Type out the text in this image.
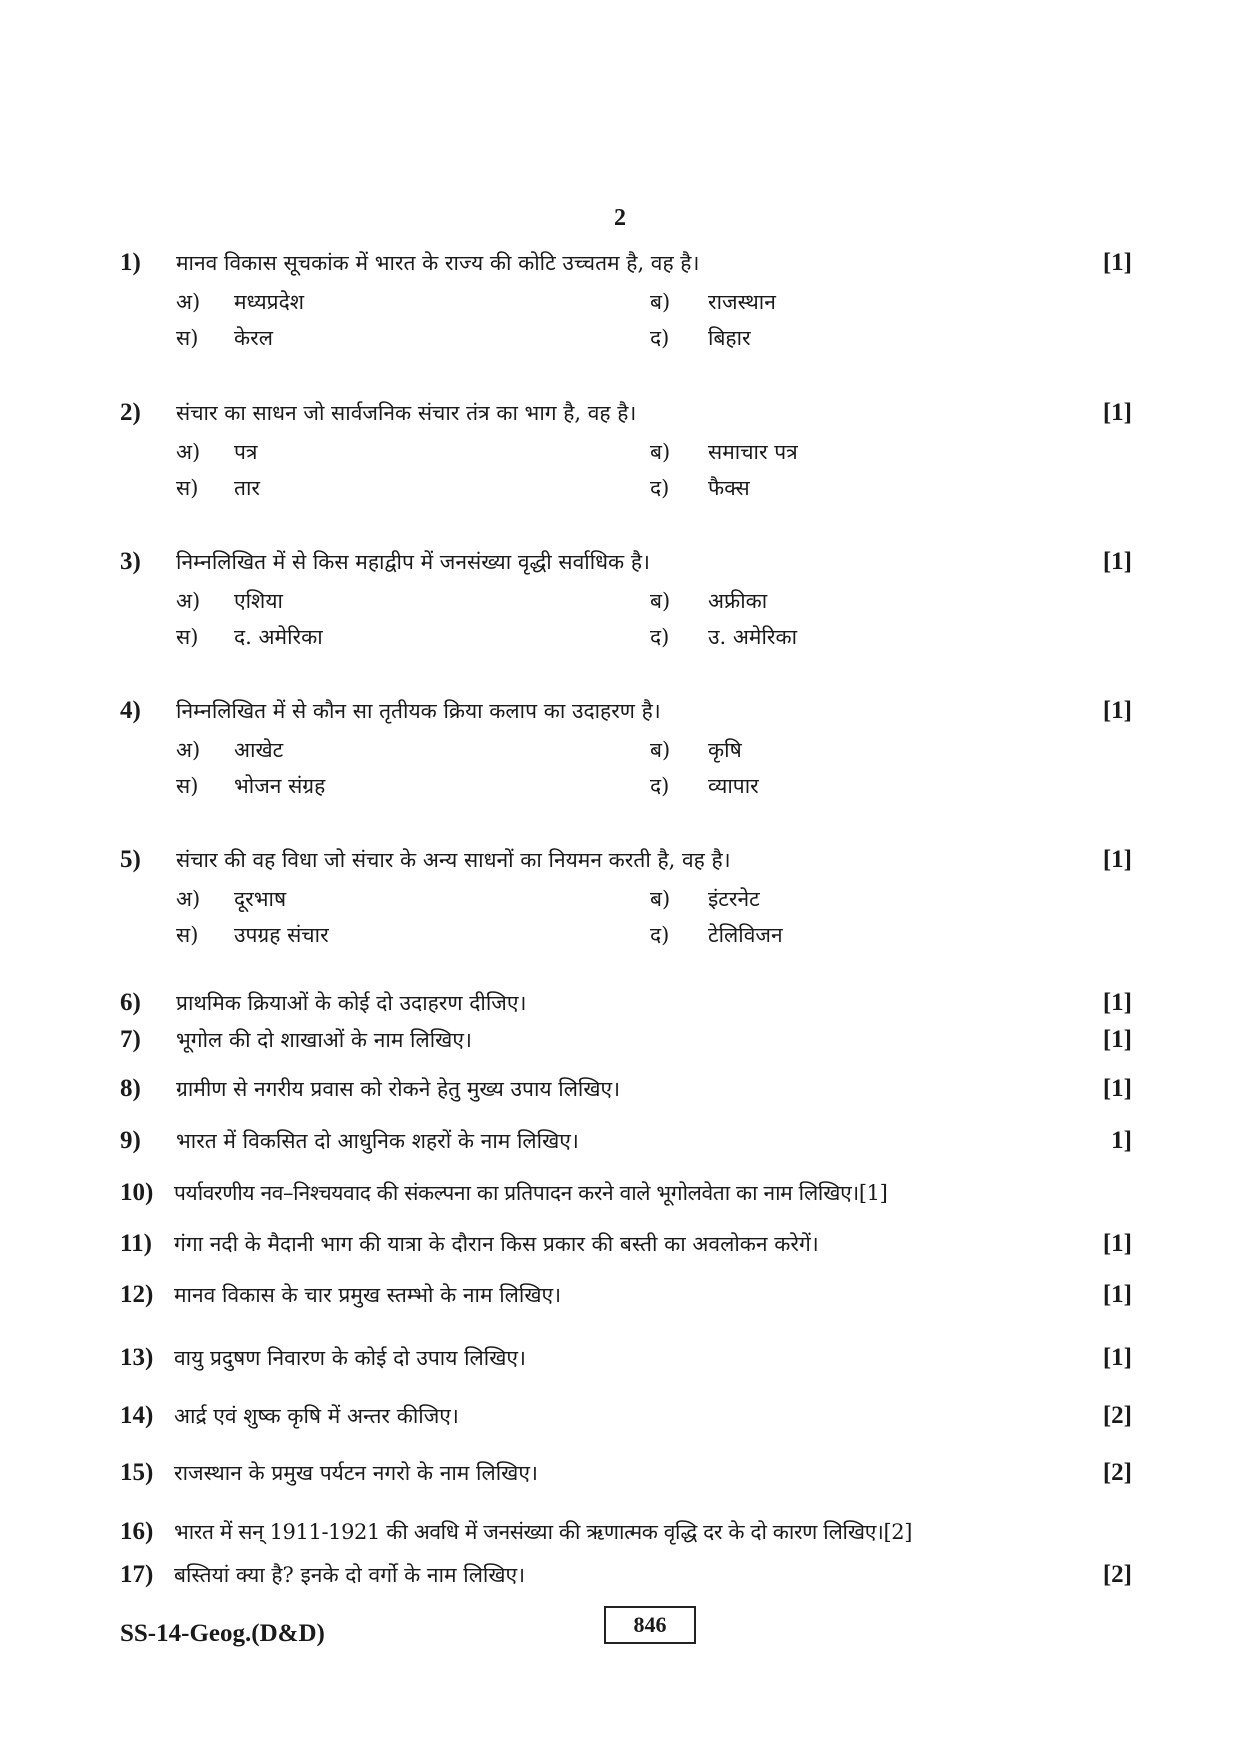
2
1) मानव विकास सूचकांक में भारत के राज्य की कोटि उच्चतम है, वह है।	[1]
अ) मध्यप्रदेश	ब) राजस्थान
स) केरल	द) बिहार
2) संचार का साधन जो सार्वजनिक संचार तंत्र का भाग है, वह है।	[1]
अ) पत्र	ब) समाचार पत्र
स) तार	द) फैक्स
3) निम्नलिखित में से किस महाद्वीप में जनसंख्या वृद्धी सर्वाधिक है।	[1]
अ) एशिया	ब) अफ्रीका
स) द. अमेरिका	द) उ. अमेरिका
4) निम्नलिखित में से कौन सा तृतीयक क्रिया कलाप का उदाहरण है।	[1]
अ) आखेट	ब) कृषि
स) भोजन संग्रह	द) व्यापार
5) संचार की वह विधा जो संचार के अन्य साधनों का नियमन करती है, वह है।	[1]
अ) दूरभाष	ब) इंटरनेट
स) उपग्रह संचार	द) टेलिविजन
6) प्राथमिक क्रियाओं के कोई दो उदाहरण दीजिए।	[1]
7) भूगोल की दो शाखाओं के नाम लिखिए।	[1]
8) ग्रामीण से नगरीय प्रवास को रोकने हेतु मुख्य उपाय लिखिए।	[1]
9) भारत में विकसित दो आधुनिक शहरों के नाम लिखिए।	1]
10) पर्यावरणीय नव–निश्चयवाद की संकल्पना का प्रतिपादन करने वाले भूगोलवेता का नाम लिखिए।[1]
11) गंगा नदी के मैदानी भाग की यात्रा के दौरान किस प्रकार की बस्ती का अवलोकन करेगें।	[1]
12) मानव विकास के चार प्रमुख स्तम्भो के नाम लिखिए।	[1]
13) वायु प्रदुषण निवारण के कोई दो उपाय लिखिए।	[1]
14) आर्द्र एवं शुष्क कृषि में अन्तर कीजिए।	[2]
15) राजस्थान के प्रमुख पर्यटन नगरो के नाम लिखिए।	[2]
16) भारत में सन् 1911-1921 की अवधि में जनसंख्या की ऋणात्मक वृद्धि दर के दो कारण लिखिए।[2]
17) बस्तियां क्या है? इनके दो वर्गो के नाम लिखिए।	[2]
SS-14-Geog.(D&D)	846
